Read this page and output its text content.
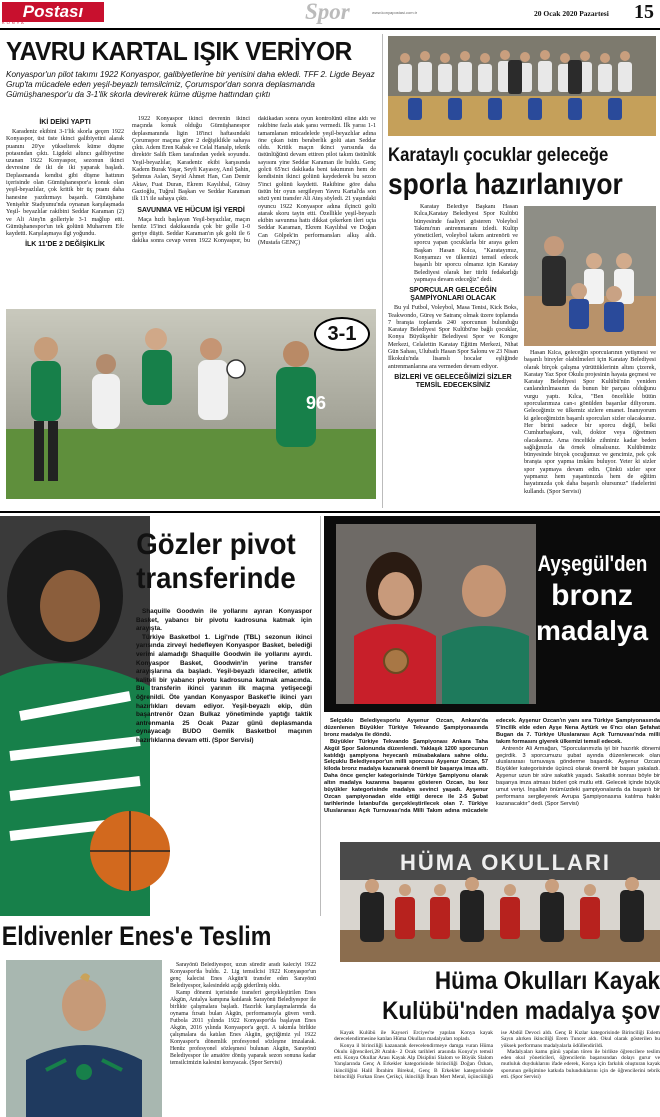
Postası
KONYA	Spor	www.konyapostasi.com.tr	20 Ocak 2020 Pazartesi 15
YAVRU KARTAL IŞIK VERİYOR
Konyaspor'un pilot takımı 1922 Konyaspor, galibiyetlerine bir yenisini daha ekledi. TFF 2. Ligde Beyaz Grup'ta mücadele eden yeşil-beyazlı temsilcimiz, Çorumspor'dan sonra deplasmanda Gümüşhanespor'u da 3-1'lik skorla devirerek küme düşme hattından çıktı
İKİ DEİKİ YAPTI

Karadeniz ekibini 3-1'lik skorla geçen 1922 Konyaspor, üst üste ikinci galibiyetini alarak puanını 20'ye yükselterek küme düşme potasından çıktı. Ligdeki altıncı galibiyetine uzanan 1922 Konyaspor, sezonun ikinci devresine de iki de iki yaparak başladı. Deplasmanda kendisi gibi düşme hattının içerisinde olan Gümüşhanespor'a konuk olan yeşil-beyazlılar, çok kritik bir üç puanı daha hanesine yazdırmayı başardı. Gümüşhane Yenişehir Stadyumu'nda oynanan karşılaşmada Yeşil- beyazlılar rakibini Seddar Karaman (2) ve Ali Ateş'in golleriyle 3-1 mağlup etti. Gümüşhanespor'un tek golünü Muharrem Efe kaydetti. Karşılaşmaya ilgi yoğundu.

İLK 11'DE 2 DEĞİŞİKLİK

1922 Konyaspor ikinci devrenin ikinci maçında konuk olduğu Gümüşhanespor deplasmanında ligin 18'inci haftasındaki Çorumspor maçına göre 2 değişiklikle sahaya çıktı. Adem Eren Kabak ve Celal Hanalp, teknik direktör Salih Eken tarafından yedek soyundu. Yeşil-beyazlılar, Karadeniz ekibi karşısında Kadem Burak Yaşar, Seyfi Kayasoy, Anıl Şahin, Şehmus Aslan, Seyid Ahmet Han, Can Demir Aktav, Fuat Duran, Ekrem Kayılıbal, Güray Gazioğlu, Tuğrul Başkan ve Seddar Karaman ilk 11'i ile sahaya çıktı.

SAVUNMA VE HÜCUM İŞİ YERDİ

Maça hızlı başlayan Yeşil-beyazlılar, maçın henüz 15'inci dakikasında çok bir golle 1-0 geriye düştü. Seddar Karaman'ın şık golü ile 6 dakika sonra cevap veren 1922 Konyaspor, bu dakikadan sonra oyun kontrolünü eline aldı ve rakibine fazla atak şansı vermedi. İlk yarısı 1-1 tamamlanan mücadelede yeşil-beyazlılar adına öne çıkan isim beraberlik golü atan Seddar oldu. Kritik maçın ikinci yarısında da üstünlüğünü devam ettiren pilot takım üstünlük sayısını yine Seddar Karaman ile buldu. Genç golcü 65'nci dakikada beni takımının hem de kendisinin ikinci golünü kaydederek bu sezon 5'inci golünü kaydetti. Rakibine göre daha üstün bir oyun sergileyen Yavru Kartal'da son sözü yeni transfer Ali Ateş söyledi. 21 yaşındaki oyuncu 1922 Konyaspor adına ilçincü golü atarak skoru tayin etti. Özellikle yeşil-beyazlı ekibin savunma hattı dikkat çekerken ileri uçta Seddar Karaman, Ekrem Kayılıbal ve Doğan Can Gölpek'in performansları alkış aldı. (Mustafa GENÇ)

96
3-1
Karataylı çocuklar geleceğe
sporla hazırlanıyor

Karatay Belediye Başkanı Hasan Kılca,Karatay Belediyesi Spor Kulübü bünyesinde faaliyet gösteren Voleybol Takımı'nın antrenmanını izledi. Kulüp yöneticileri, voleybol takım antrenörü ve sporcu yapan çocuklarla bir araya gelen Başkan Hasan Kılca, "Karatayımız, Konyamızı ve ülkemizi temsil edecek başarılı bir sporcu olmanız için Karatay Belediyesi olarak her türlü fedakarlığı yapmaya devam edeceğiz" dedi.

SPORCULAR GELECEĞİN ŞAMPİYONLARI OLACAK

Bu yıl Futbol, Voleybol, Masa Tenisi, Kick Boks, Teakwondo, Güreş ve Satranç olmak üzere toplamda 7 branşta toplamda 240 sporcunun bulunduğu Karatay Belediyesi Spor Kulübü'ne bağlı çocuklar, Konya Büyükşehir Belediyesi Spor ve Kongre Merkezi, Celalettin Karatay Eğitim Merkezi, Nihat Gün Sahası, Ulubatlı Hasan Spor Salonu ve 23 Nisan İlkokulu'nda lisanslı hocalar eşliğinde antrenmanlarına ara vermeden devam ediyor.

BİZLERİ VE GELECEĞİMİZİ SİZLER TEMSİL EDECEKSİNİZ

Hasan Kılca, geleceğin sporcularının yetişmesi ve başarılı bireyler olabilmeleri için Karatay Belediyesi olarak birçok çalışma yürüttüklerinin altını çizerek, Karatay Yaz Spor Okulu projesinin hayata geçmesi ve Karatay Belediyesi Spor Kulübü'nün yeniden canlandırılmasının da bunun bir parçası olduğunu vurgu yaptı. Kılca, "Ben öncelikle bütün sporcularımıza can-ı gönülden başarılar diliyorum. Geleceğimiz ve ülkemiz sizlere emanet. İnanıyorum ki geleceğimizin başarılı sporcuları sizler olacaksınız. Her birini sadece bir sporcu değil, belki Cumhurbaşkanı, vali, doktor veya öğretmen olacaksınız. Ama öncelikle zihniniz kadar beden sağlığınızla da örnek olmalısınız. Kulübümüz bünyesinde birçok çocuğumuz ve gencimiz, pek çok branşta spor yapma imkânı buluyor. Yeter ki sizler spor yapmaya devam edin. Çünkü sizler spor yapmanız hem yaşantınızda hem de eğitim hayatınızda çok daha başarılı olursunuz" ifadelerini kullandı. (Spor Servisi)

Gözler pivot
transferinde

Shaquille Goodwin ile yollarını ayıran Konyaspor Basket, yabancı bir pivotu kadrosuna katmak için arayışta.

Türkiye Basketbol 1. Ligi'nde (TBL) sezonun ikinci yarısında zirveyi hedefleyen Konyaspor Basket, belediği verimi alamadığı Shaquille Goodwin ile yollarını ayırdı. Konyaspor Basket, Goodwin'in yerine transfer arayışlarına da başladı. Yeşil-beyazlı idareciler, atletik kaliteli bir yabancı pivotu kadrosuna katmak amacında. Bu transferin ikinci yarının ilk maçına yetişeceği öğrenildi. Öte yandan Konyaspor Basket'le ikinci yarı hazırlıkları devam ediyor. Yeşil-beyazlı ekip, dün başantrenör Ozan Bulkaz yönetiminde yaptığı taktik antrenmanla 25 Ocak Pazar günü deplasmanda oynayacağı BUDO Gemlik Basketbol maçının hazırlıklarına devam etti. (Spor Servisi)

Ayşegül'den
bronz
madalya

Selçuklu Belediyesporlu Ayşenur Ozcan, Ankara'da düzenlenen Büyükler Türkiye Tekvando Şampiyonasında bronz madalya ile döndü.

Büyükler Türkiye Tekvando Şampiyonası Ankara Taha Akgül Spor Salonunda düzenlendi. Yaklaşık 1200 sporcunun katıldığı şampiyona heyecanlı müsabakalara sahne oldu. Selçuklu Belediyespor'un milli sporcusu Ayşenur Ozcan, 57 kiloda bronz madalya kazanarak önemli bir başarıya imza attı. Daha önce gençler kategorisinde Türkiye Şampiyonu olarak altın madalya kazanma başarısı gösteren Ozcan, bu kez büyükler kategorisinde madalya sevinci yaşadı. Ayşenur Ozcan şampiyonadan elde ettiği derece ile 2-5 Şubat tarihlerinde İstanbul'da gerçekleştirilecek olan 7. Türkiye Uluslararası Açık Turnuvası'nda Milli Takım adına mücadele edecek. Ayşenur Ozcan'ın yanı sıra Türkiye Şampiyonasında 5'incilik elde eden Ayşe Nena Aytürk ve 6'ncı olan Şefahat Bugan da 7. Türkiye Uluslararası Açık Turnuvası'nda milli takım formasını giyerek ülkemizi temsil edecek.

Antrenör Ali Armağan, "Sporcularımızla iyi bir hazırlık dönemi geçirdik. 3 sporcumuzu şubat ayında düzenlenecek olan uluslararası turnuvaya gönderme başardık. Ayşenur Ozcan Büyükler kategorisinde üçüncü olarak önemli bir başarı yakaladı. Ayşenur uzun bir süre sakatlık yaşadı. Sakatlık sonrası böyle bir başarıya imza atması bizleri çok mutlu etti. Gelecek içinde büyük umut veriyi. İnşallah önümüzdeki şampiyonalarda da başarılı bir performans sergileyerek Avrupa Şampiyonasına katılma hakkı kazanacaktır" dedi. (Spor Servisi)

HÜMA OKULLARI
Hüma Okulları Kayak
Kulübü'nden madalya şov

Kayak Kulübü ile Kayseri Erciyes'te yapılan Konya kayak derecelendirmesine katılan Hüma Okulları madalyaları topladı.

Konya il birinciliği kazanarak derecelendirmeye damga vuran Hüma Okulu öğrencileri,28 Aralık- 2 Ocak tarihleri arasında Konya'yı temsil etti. Konya Okullar Arası Kayak Alp Disiplini Slalom ve Büyük Slalom Yarışlarında Genç A Erkekler kategorisinde birinciliği Doğan Özkan, ikinciliğini Halil İbrahim Birekul, Genç B Erkekler kategorisinde birinciliği Furkan Enes Çerikçi, ikinciliği İhsan Mert Meral, üçüncülüğü ise Abdül Devoci aldı. Genç B Kızlar kategorisinde Birinciliği Eslem Sayın alırken ikinciliği Erem Tuncer aldı. Okul olarak gösterilen bu yüksek performans madalyalarla ödüllendirildi.

Madalyaları kamu günü yapılan tören ile birlikte öğrencilere teslim eden okul yöneticileri, öğrencilerin başarısından dolayı gurur ve mutluluk duyduklarını ifade ederek, Konya için farkılık oluşturan kayak sporunun gelişimine katkıda bulunduklarını için de öğrencilerini tebrik etti. (Spor Servisi)

Eldivenler Enes'e Teslim

Sarayönü Belediyespor, uzun süredir aradı kaleciyi 1922 Konyaspor'da buldu. 2. Lig temsilcisi 1922 Konyaspor'un genç kalecisi Enes Akgün'ü transfer eden Sarayönü Belediyespor, kalesindeki açığı giderilmiş oldu.

Kamp dönemi içerisinde transferi gerçekleştirilen Enes Akgün, Antalya kampına katılarak Sarayönü Belediyespor ile birlikte çalışmalara başladı. Hazırlık karşılaşmalarında da oynama fırsatı bulan Akgün, performansıyla güven verdi. Futbola 2011 yılında 1922 Konyaspor'da başlayan Enes Akgün, 2016 yılında Konyaspor'a geçti. A takımla birlikte çalışmalara da katılan Enes Akgün, geçtiğimiz yıl 1922 Konyaspor'u dönemlik profesyonel sözleşme imzalarak. Henüz profesyonel sözleşmesi bulunan Akgün, Sarayönü Belediyespor ile amatöre dönüş yaparak sezon sonuna kadar temsilcimizin kalesini koruyacak. (Spor Servisi)
